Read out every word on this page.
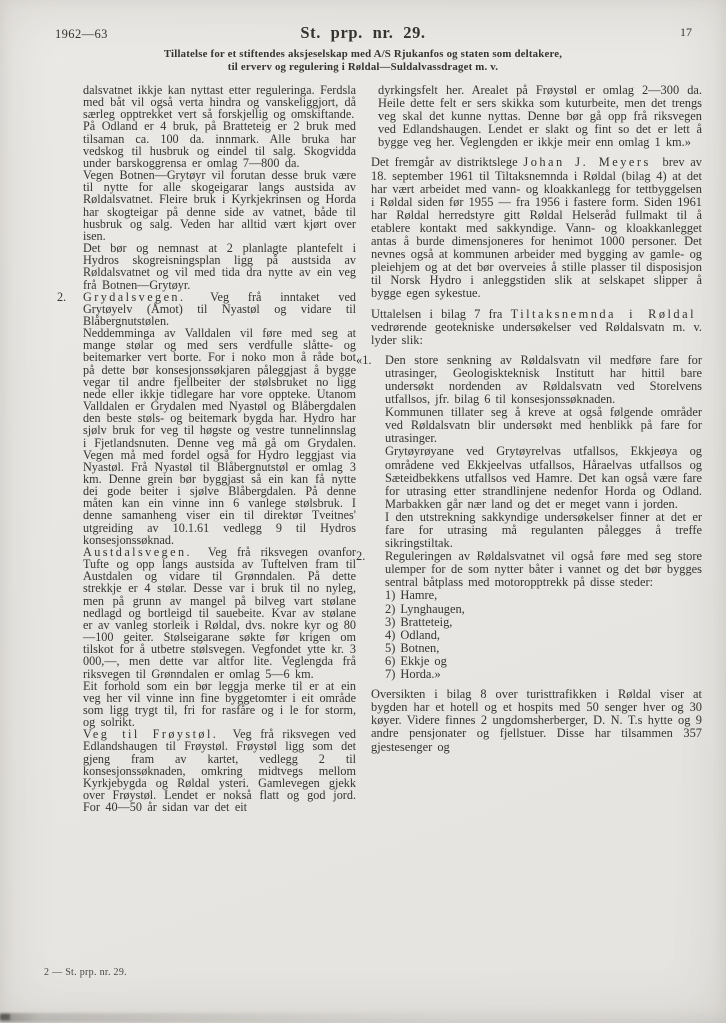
1962—63	St. prp. nr. 29.	17
Tillatelse for et stiftendes aksjeselskap med A/S Rjukanfos og staten som deltakere,
til erverv og regulering i Røldal—Suldalvassdraget m. v.

dalsvatnet ikkje kan nyttast etter reguleringa. Ferdsla med båt vil også verta hindra og vanskeliggjort, då særleg opptrekket vert så forskjellig og omskiftande.

På Odland er 4 bruk, på Bratteteig er 2 bruk med tilsaman ca. 100 da. innmark. Alle bruka har vedskog til husbruk og eindel til salg. Skogvidda under barskoggrensa er omlag 7—800 da.

Vegen Botnen—Grytøyr vil forutan desse bruk være til nytte for alle skogeigarar langs austsida av Røldalsvatnet. Fleire bruk i Kyrkjekrinsen og Horda har skogteigar på denne side av vatnet, både til husbruk og salg. Veden har alltid vært kjørt over isen.

Det bør og nemnast at 2 planlagte plantefelt i Hydros skogreisningsplan ligg på austsida av Røldalsvatnet og vil med tida dra nytte av ein veg frå Botnen—Grytøyr.

2.	Grydalsvegen. Veg frå inntaket ved Grytøyelv (Åmot) til Nyastøl og vidare til Blåbergnutstølen.

Neddemminga av Valldalen vil føre med seg at mange stølar og med sers verdfulle slåtte- og beitemarker vert borte. For i noko mon å råde bot på dette bør konsesjonssøkjaren påleggjast å bygge vegar til andre fjellbeiter der stølsbruket no ligg nede eller ikkje tidlegare har vore oppteke. Utanom Valldalen er Grydalen med Nyastøl og Blåbergdalen den beste støls- og beitemark bygda har. Hydro har sjølv bruk for veg til høgste og vestre tunnelinnslag i Fjetlandsnuten. Denne veg må gå om Grydalen. Vegen må med fordel også for Hydro leggjast via Nyastøl. Frå Nyastøl til Blåbergnutstøl er omlag 3 km. Denne grein bør byggjast så ein kan få nytte dei gode beiter i sjølve Blåbergdalen. På denne måten kan ein vinne inn 6 vanlege stølsbruk. I denne samanheng viser ein til direktør Tveitnes' utgreiding av 10.1.61 vedlegg 9 til Hydros konsesjonssøknad.

Austdalsvegen. Veg frå riksvegen ovanfor Tufte og opp langs austsida av Tuftelven fram til Austdalen og vidare til Grønndalen. På dette strekkje er 4 stølar. Desse var i bruk til no nyleg, men på grunn av mangel på bilveg vart stølane nedlagd og bortleigd til sauebeite. Kvar av stølane er av vanleg storleik i Røldal, dvs. nokre kyr og 80—100 geiter. Stølseigarane søkte før krigen om tilskot for å utbetre stølsvegen. Vegfondet ytte kr. 3 000,—, men dette var altfor lite. Veglengda frå riksvegen til Grønndalen er omlag 5—6 km.

Eit forhold som ein bør leggja merke til er at ein veg her vil vinne inn fine byggetomter i eit område som ligg trygt til, fri for rasfåre og i le for storm, og solrikt.

Veg til Frøystøl. Veg frå riksvegen ved Edlandshaugen til Frøystøl. Frøystøl ligg som det gjeng fram av kartet, vedlegg 2 til konsesjonssøknaden, omkring midtvegs mellom Kyrkjebygda og Røldal ysteri. Gamlevegen gjekk over Frøystøl. Lendet er nokså flatt og god jord. For 40—50 år sidan var det eit

dyrkingsfelt her. Arealet på Frøystøl er omlag 2—300 da. Heile dette felt er sers skikka som kuturbeite, men det trengs veg skal det kunne nyttas. Denne bør gå opp frå riksvegen ved Edlandshaugen. Lendet er slakt og fint so det er lett å bygge veg her. Veglengden er ikkje meir enn omlag 1 km.»

Det fremgår av distriktslege Johan J. Meyers brev av 18. september 1961 til Tiltaksnemnda i Røldal (bilag 4) at det har vært arbeidet med vann- og kloakkanlegg for tettbyggelsen i Røldal siden før 1955 — fra 1956 i fastere form. Siden 1961 har Røldal herredstyre gitt Røldal Helseråd fullmakt til å etablere kontakt med sakkyndige. Vann- og kloakkanlegget antas å burde dimensjoneres for henimot 1000 personer. Det nevnes også at kommunen arbeider med bygging av gamle- og pleiehjem og at det bør overveies å stille plasser til disposisjon til Norsk Hydro i anleggstiden slik at selskapet slipper å bygge egen sykestue.

Uttalelsen i bilag 7 fra Tiltaksnemnda i Røldal vedrørende geotekniske undersøkelser ved Røldalsvatn m. v. lyder slik:

«1.	Den store senkning av Røldalsvatn vil medføre fare for utrasinger, Geologiskteknisk Institutt har hittil bare undersøkt nordenden av Røldalsvatn ved Storelvens utfallsos, jfr. bilag 6 til konsesjonssøknaden.

Kommunen tillater seg å kreve at også følgende områder ved Røldalsvatn blir undersøkt med henblikk på fare for utrasinger.

Grytøyrøyane ved Grytøyrelvas utfallsos, Ekkjeøya og områdene ved Ekkjeelvas utfallsos, Håraelvas utfallsos og Sæteidbekkens utfallsos ved Hamre. Det kan også være fare for utrasing etter strandlinjene nedenfor Horda og Odland. Marbakken går nær land og det er meget vann i jorden.

I den utstrekning sakkyndige undersøkelser finner at det er fare for utrasing må regulanten pålegges å treffe sikringstiltak.

2.	Reguleringen av Røldalsvatnet vil også føre med seg store ulemper for de som nytter båter i vannet og det bør bygges sentral båtplass med motoropptrekk på disse steder:

1) Hamre,
2) Lynghaugen,
3) Bratteteig,
4) Odland,
5) Botnen,
6) Ekkje og
7) Horda.»

Oversikten i bilag 8 over turisttrafikken i Røldal viser at bygden har et hotell og et hospits med 50 senger hver og 30 køyer. Videre finnes 2 ungdomsherberger, D. N. T.s hytte og 9 andre pensjonater og fjellstuer. Disse har tilsammen 357 gjestesenger og

2 — St. prp. nr. 29.
